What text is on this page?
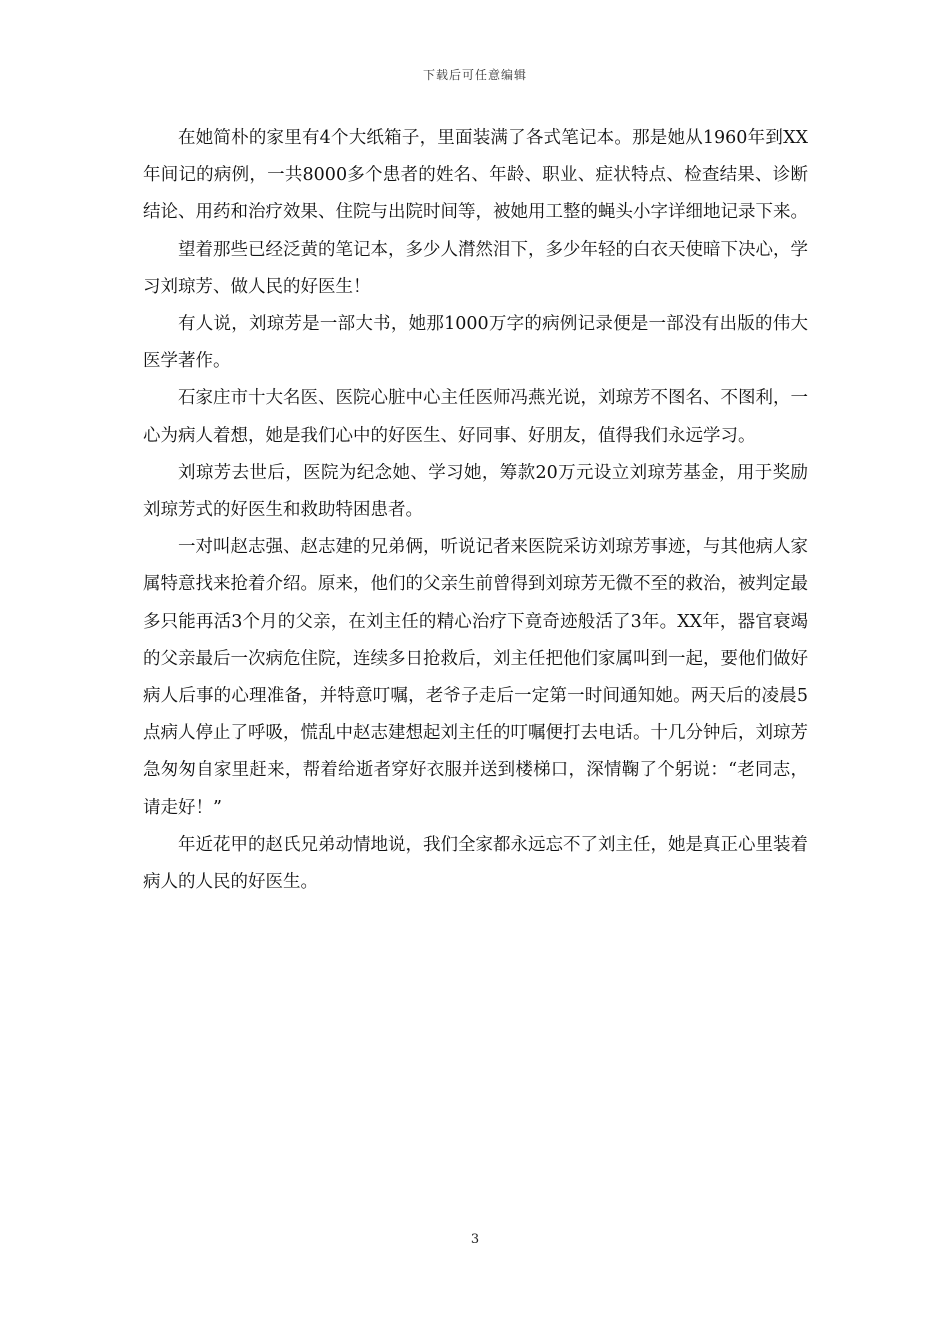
下载后可任意编辑

在她简朴的家里有4个大纸箱子，里面装满了各式笔记本。那是她从1960年到XX年间记的病例，一共8000多个患者的姓名、年龄、职业、症状特点、检查结果、诊断结论、用药和治疗效果、住院与出院时间等，被她用工整的蝇头小字详细地记录下来。

望着那些已经泛黄的笔记本，多少人潸然泪下，多少年轻的白衣天使暗下决心，学习刘琼芳、做人民的好医生！

有人说，刘琼芳是一部大书，她那1000万字的病例记录便是一部没有出版的伟大医学著作。

石家庄市十大名医、医院心脏中心主任医师冯燕光说，刘琼芳不图名、不图利，一心为病人着想，她是我们心中的好医生、好同事、好朋友，值得我们永远学习。

刘琼芳去世后，医院为纪念她、学习她，筹款20万元设立刘琼芳基金，用于奖励刘琼芳式的好医生和救助特困患者。

一对叫赵志强、赵志建的兄弟俩，听说记者来医院采访刘琼芳事迹，与其他病人家属特意找来抢着介绍。原来，他们的父亲生前曾得到刘琼芳无微不至的救治，被判定最多只能再活3个月的父亲，在刘主任的精心治疗下竟奇迹般活了3年。XX年，器官衰竭的父亲最后一次病危住院，连续多日抢救后，刘主任把他们家属叫到一起，要他们做好病人后事的心理准备，并特意叮嘱，老爷子走后一定第一时间通知她。两天后的凌晨5点病人停止了呼吸，慌乱中赵志建想起刘主任的叮嘱便打去电话。十几分钟后，刘琼芳急匆匆自家里赶来，帮着给逝者穿好衣服并送到楼梯口，深情鞠了个躬说：“老同志，请走好！”

年近花甲的赵氏兄弟动情地说，我们全家都永远忘不了刘主任，她是真正心里装着病人的人民的好医生。

3
